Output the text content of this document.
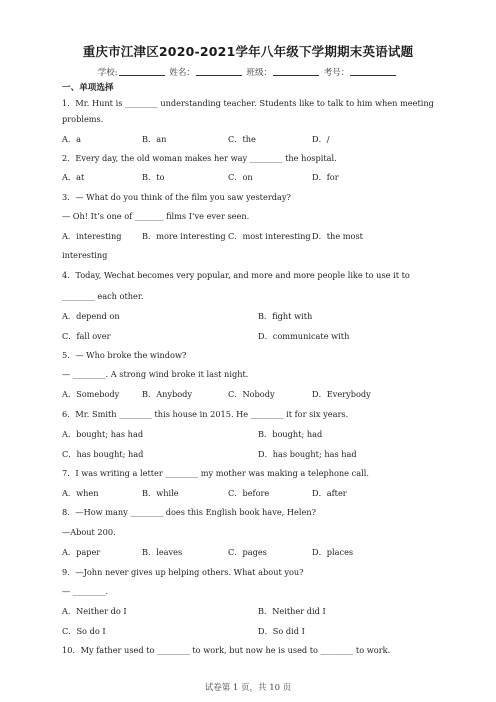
重庆市江津区2020-2021学年八年级下学期期末英语试题
学校:	姓名：	班级：	考号：
一、单项选择
1．Mr. Hunt is ________ understanding teacher. Students like to talk to him when meeting
problems.
A．a	B．an	C．the	D．/
2．Every day, the old woman makes her way ________ the hospital.
A．at	B．to	C．on	D．for
3．— What do you think of the film you saw yesterday?
— Oh! It’s one of _______ films I’ve ever seen.
A．interesting B．more interesting C．most interesting D．the most
interesting
4．Today, Wechat becomes very popular, and more and more people like to use it to
________ each other.
A．depend on	B．fight with
C．fall over	D．communicate with
5．— Who broke the window?
— ________. A strong wind broke it last night.
A．Somebody	B．Anybody	C．Nobody	D．Everybody
6．Mr. Smith ________ this house in 2015. He ________ it for six years.
A．bought; has had	B．bought; had
C．has bought; had	D．has bought; has had
7．I was writing a letter ________ my mother was making a telephone call.
A．when	B．while	C．before	D．after
8．—How many ________ does this English book have, Helen?
—About 200.
A．paper	B．leaves	C．pages	D．places
9．—John never gives up helping others. What about you?
— ________.
A．Neither do I	B．Neither did I
C．So do I	D．So did I
10．My father used to ________ to work, but now he is used to ________ to work.
试卷第 1 页，共 10 页
